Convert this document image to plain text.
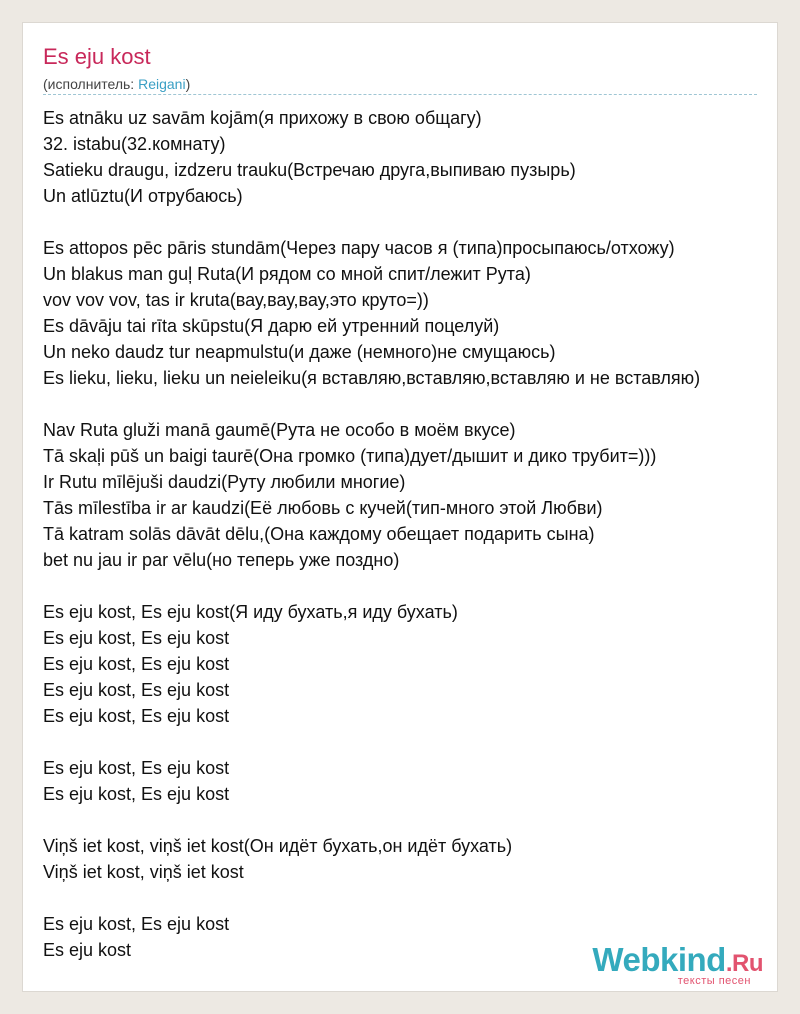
Es eju kost
(исполнитель: Reigani)
Es atnāku uz savām kojām(я прихожу в свою общагу)
32. istabu(32.комнату)
Satieku draugu, izdzeru trauku(Встречаю друга,выпиваю пузырь)
Un atlūztu(И отрубаюсь)
Es attopos pēc pāris stundām(Через пару часов я (типа)просыпаюсь/отхожу)
Un blakus man guļ Ruta(И рядом со мной спит/лежит Рута)
vov vov vov, tas ir kruta(вау,вау,вау,это круто=))
Es dāvāju tai rīta skūpstu(Я дарю ей утренний поцелуй)
Un neko daudz tur neapmulstu(и даже (немного)не смущаюсь)
Es lieku, lieku, lieku un neieleiku(я вставляю,вставляю,вставляю и не вставляю)
Nav Ruta gluži manā gaumē(Рута не особо в моём вкусе)
Tā skaļi pūš un baigi taurē(Она громко (типа)дует/дышит и дико трубит=)))
Ir Rutu mīlējuši daudzi(Руту любили многие)
Tās mīlestība ir ar kaudzi(Её любовь с кучей(тип-много этой Любви)
Tā katram solās dāvāt dēlu,(Она каждому обещает подарить сына)
bet nu jau ir par vēlu(но теперь уже поздно)
Es eju kost, Es eju kost(Я иду бухать,я иду бухать)
Es eju kost, Es eju kost
Es eju kost, Es eju kost
Es eju kost, Es eju kost
Es eju kost, Es eju kost
Es eju kost, Es eju kost
Es eju kost, Es eju kost
Viņš iet kost, viņš iet kost(Он идёт бухать,он идёт бухать)
Viņš iet kost, viņš iet kost
Es eju kost, Es eju kost
Es eju kost	Webkind.Ru
тексты песен
